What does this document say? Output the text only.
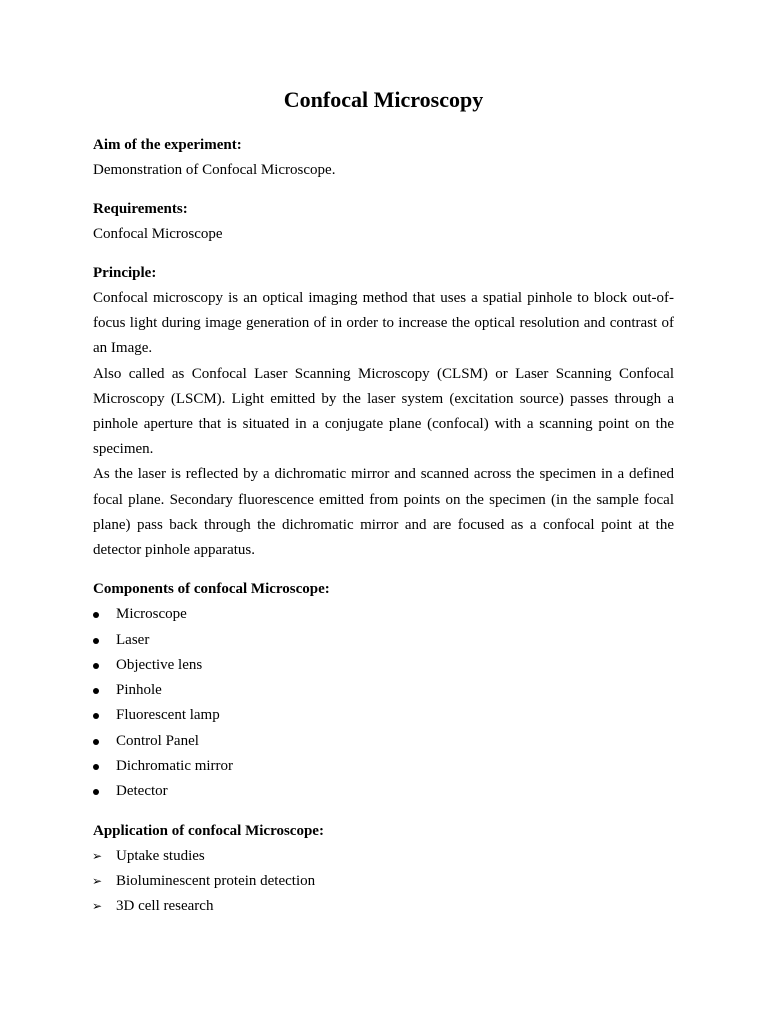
Confocal Microscopy

Aim of the experiment:

Demonstration of Confocal Microscope.

Requirements:

Confocal Microscope

Principle:

Confocal microscopy is an optical imaging method that uses a spatial pinhole to block out-of-focus light during image generation of in order to increase the optical resolution and contrast of an Image.

Also called as Confocal Laser Scanning Microscopy (CLSM) or Laser Scanning Confocal Microscopy (LSCM). Light emitted by the laser system (excitation source) passes through a pinhole aperture that is situated in a conjugate plane (confocal) with a scanning point on the specimen.

As the laser is reflected by a dichromatic mirror and scanned across the specimen in a defined focal plane. Secondary fluorescence emitted from points on the specimen (in the sample focal plane) pass back through the dichromatic mirror and are focused as a confocal point at the detector pinhole apparatus.

Components of confocal Microscope:

Microscope
Laser
Objective lens
Pinhole
Fluorescent lamp
Control Panel
Dichromatic mirror
Detector

Application of confocal Microscope:

➢ Uptake studies
➢ Bioluminescent protein detection
➢ 3D cell research
